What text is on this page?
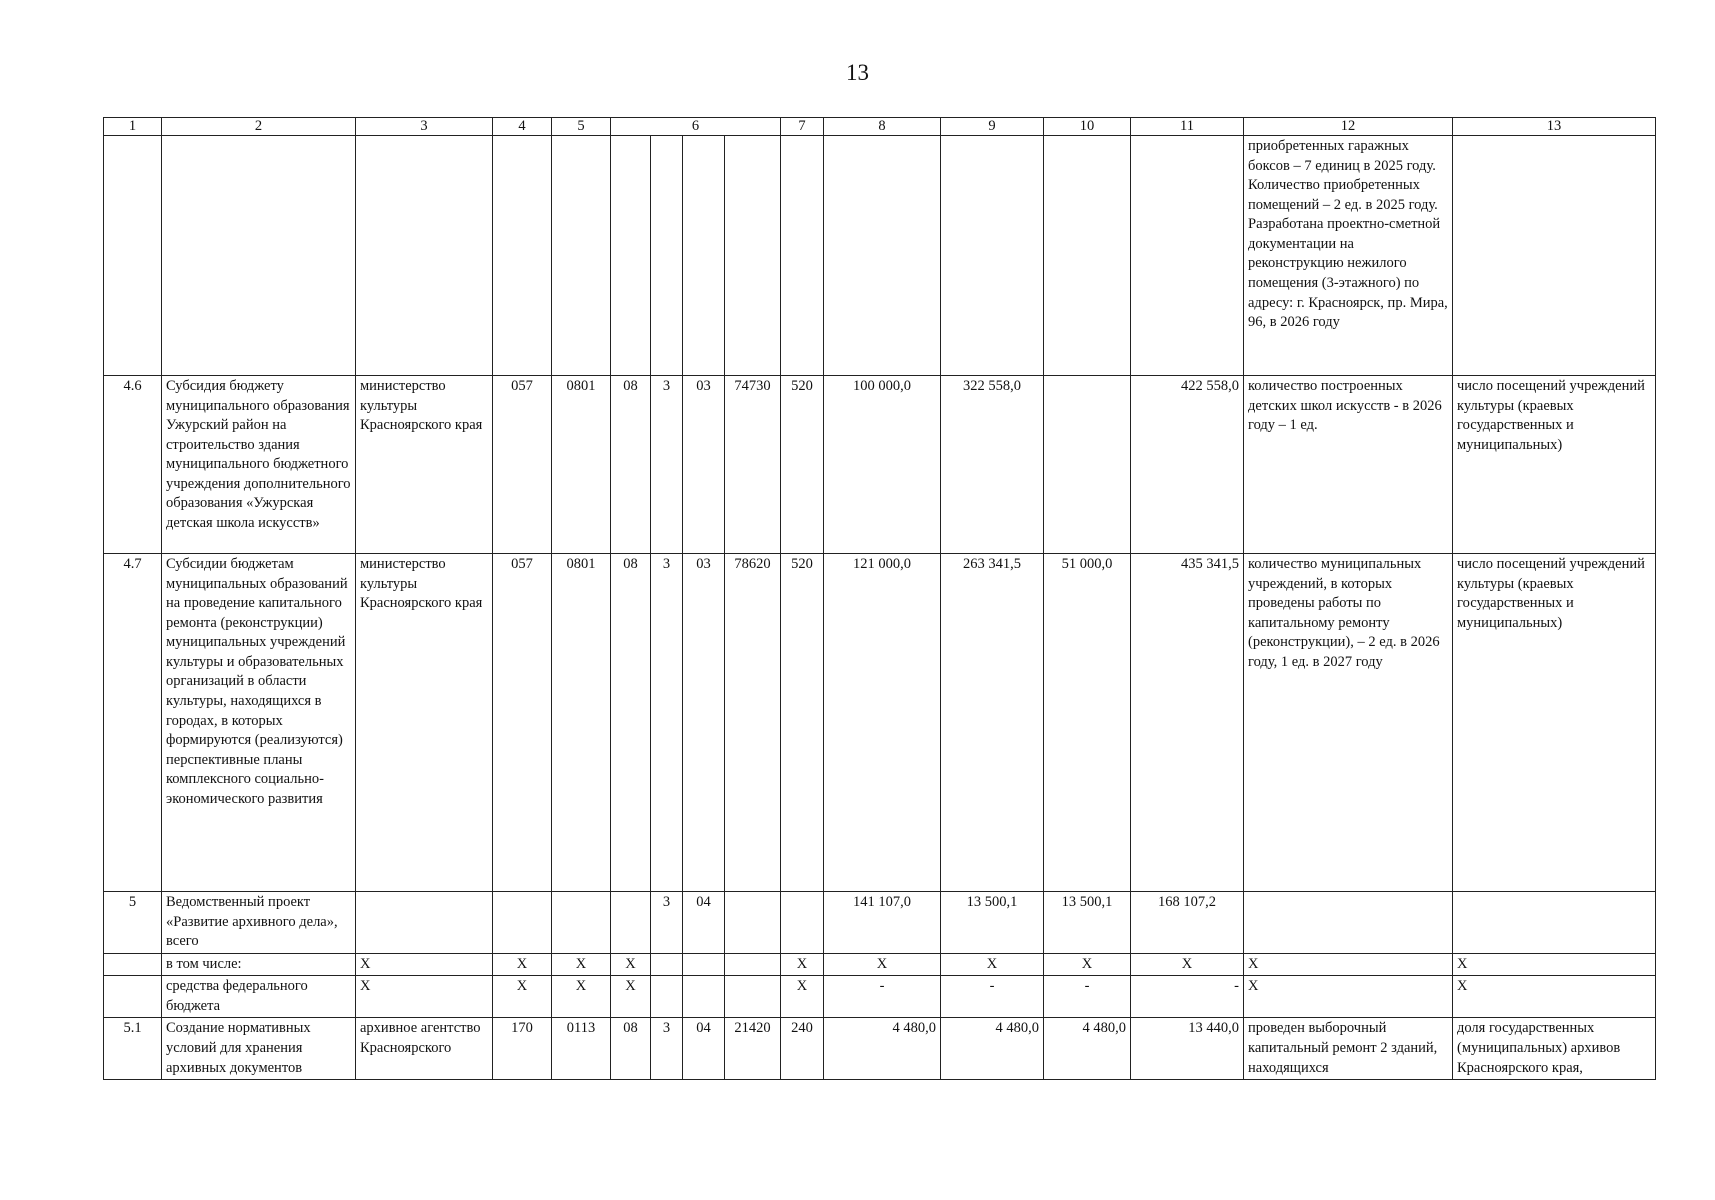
13
1	2	3	4	5	6				7	8	9	10	11	12	13
														приобретенных гаражных боксов – 7 единиц в 2025 году. Количество приобретенных помещений – 2 ед. в 2025 году. Разработана проектно-сметной документации на реконструкцию нежилого помещения (3-этажного) по адресу: г. Красноярск, пр. Мира, 96, в 2026 году	
4.6	Субсидия бюджету муниципального образования Ужурский район на строительство здания муниципального бюджетного учреждения дополнительного образования «Ужурская детская школа искусств»	министерство культуры Красноярского края	057	0801	08	3	03	74730	520	100 000,0	322 558,0		422 558,0	количество построенных детских школ искусств - в 2026 году – 1 ед.	число посещений учреждений культуры (краевых государственных и муниципальных)
4.7	Субсидии бюджетам муниципальных образований на проведение капитального ремонта (реконструкции) муниципальных учреждений культуры и образовательных организаций в области культуры, находящихся в городах, в которых формируются (реализуются) перспективные планы комплексного социально-экономического развития	министерство культуры Красноярского края	057	0801	08	3	03	78620	520	121 000,0	263 341,5	51 000,0	435 341,5	количество муниципальных учреждений, в которых проведены работы по капитальному ремонту (реконструкции), – 2 ед. в 2026 году, 1 ед. в 2027 году	число посещений учреждений культуры (краевых государственных и муниципальных)
5	Ведомственный проект «Развитие архивного дела», всего					3	04			141 107,0	13 500,1	13 500,1	168 107,2		
	в том числе:	X	X	X	X				X	X	X	X	X	X	X
	средства федерального бюджета	X	X	X	X				X	-	-	-	-	X	X
5.1	Создание нормативных условий для хранения архивных документов	архивное агентство Красноярского	170	0113	08	3	04	21420	240	4 480,0	4 480,0	4 480,0	13 440,0	проведен выборочный капитальный ремонт 2 зданий, находящихся	доля государственных (муниципальных) архивов Красноярского края,
